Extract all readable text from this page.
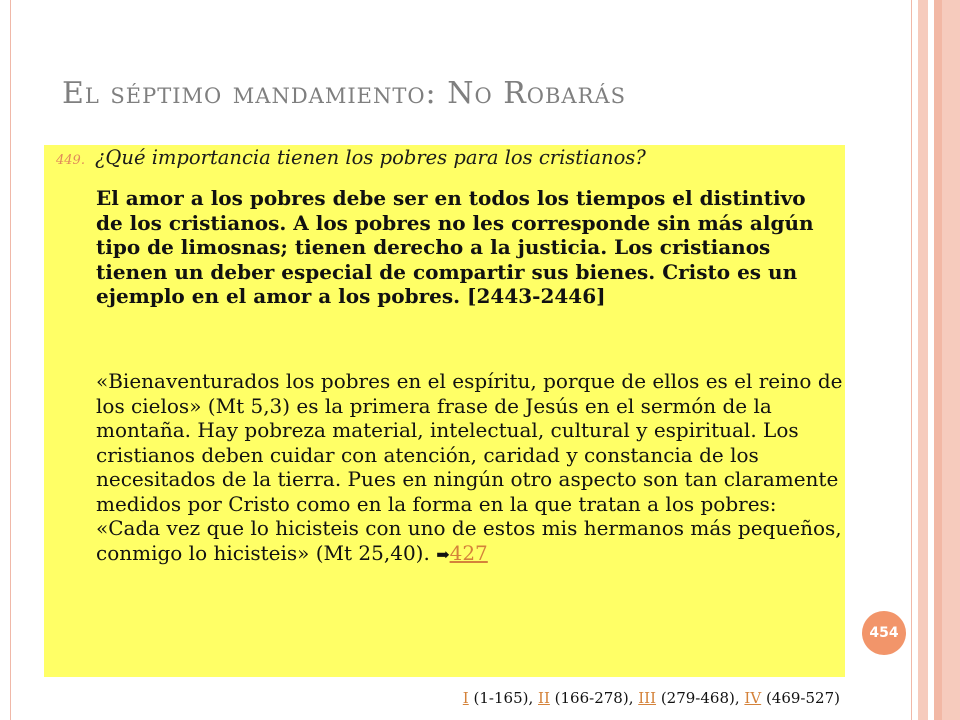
El séptimo mandamiento: No Robarás
449. ¿Qué importancia tienen los pobres para los cristianos?

El amor a los pobres debe ser en todos los tiempos el distintivo de los cristianos. A los pobres no les corresponde sin más algún tipo de limosnas; tienen derecho a la justicia. Los cristianos tienen un deber especial de compartir sus bienes. Cristo es un ejemplo en el amor a los pobres. [2443-2446]

«Bienaventurados los pobres en el espíritu, porque de ellos es el reino de los cielos» (Mt 5,3) es la primera frase de Jesús en el sermón de la montaña. Hay pobreza material, intelectual, cultural y espiritual. Los cristianos deben cuidar con atención, caridad y constancia de los necesitados de la tierra. Pues en ningún otro aspecto son tan claramente medidos por Cristo como en la forma en la que tratan a los pobres: «Cada vez que lo hicisteis con uno de estos mis hermanos más pequeños, conmigo lo hicisteis» (Mt 25,40). ➡427

454
I (1-165), II (166-278), III (279-468), IV (469-527)
